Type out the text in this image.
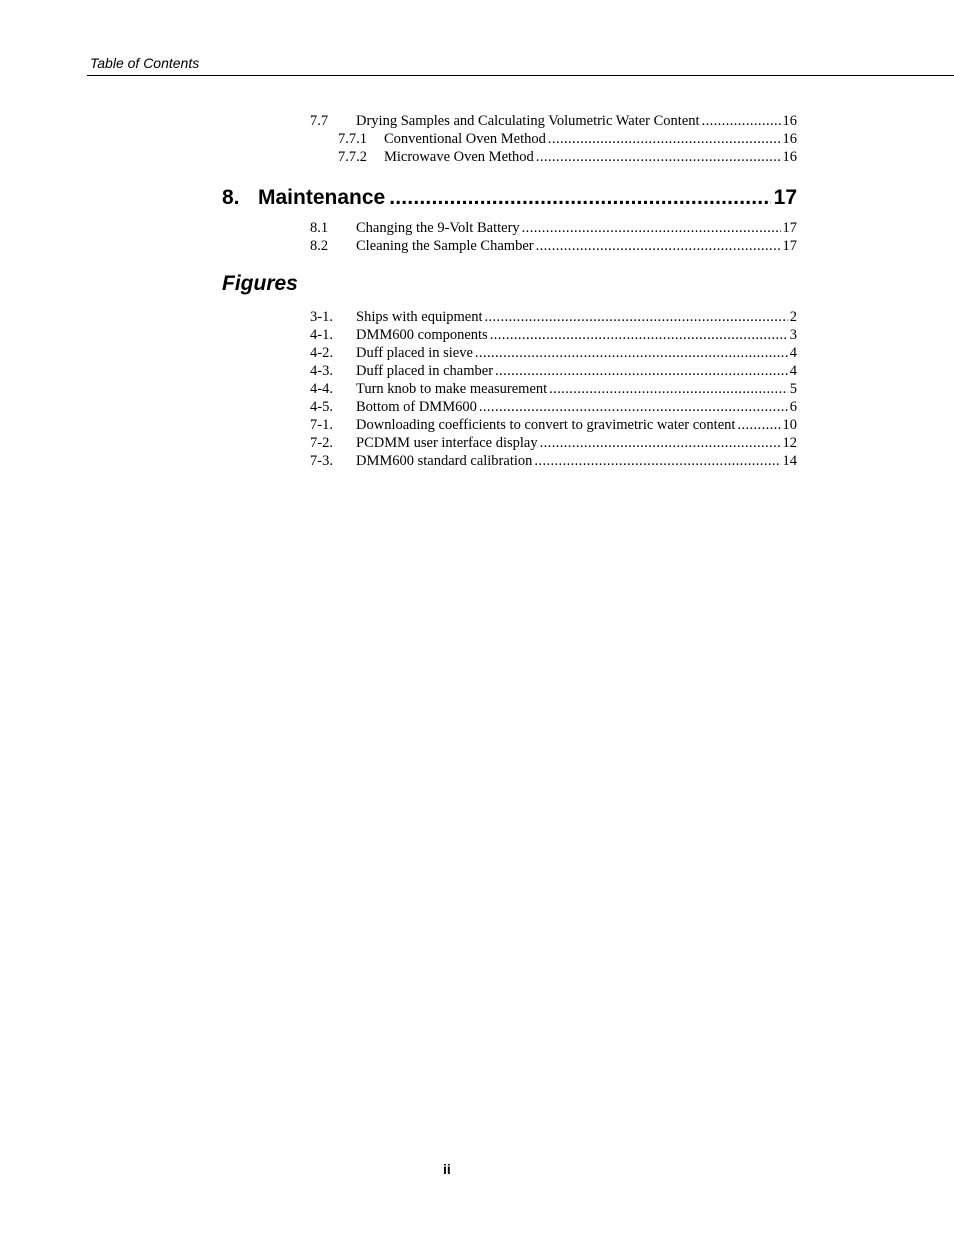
Table of Contents
7.7	Drying Samples and Calculating Volumetric Water Content .....	16
7.7.1	Conventional Oven Method .....	16
7.7.2	Microwave Oven Method .....	16
8. Maintenance .....	17
8.1	Changing the 9-Volt Battery .....	17
8.2	Cleaning the Sample Chamber .....	17
Figures
3-1.	Ships with equipment .....	2
4-1.	DMM600 components .....	3
4-2.	Duff placed in sieve .....	4
4-3.	Duff placed in chamber .....	4
4-4.	Turn knob to make measurement .....	5
4-5.	Bottom of DMM600 .....	6
7-1.	Downloading coefficients to convert to gravimetric water content .....	10
7-2.	PCDMM user interface display .....	12
7-3.	DMM600 standard calibration .....	14
ii
